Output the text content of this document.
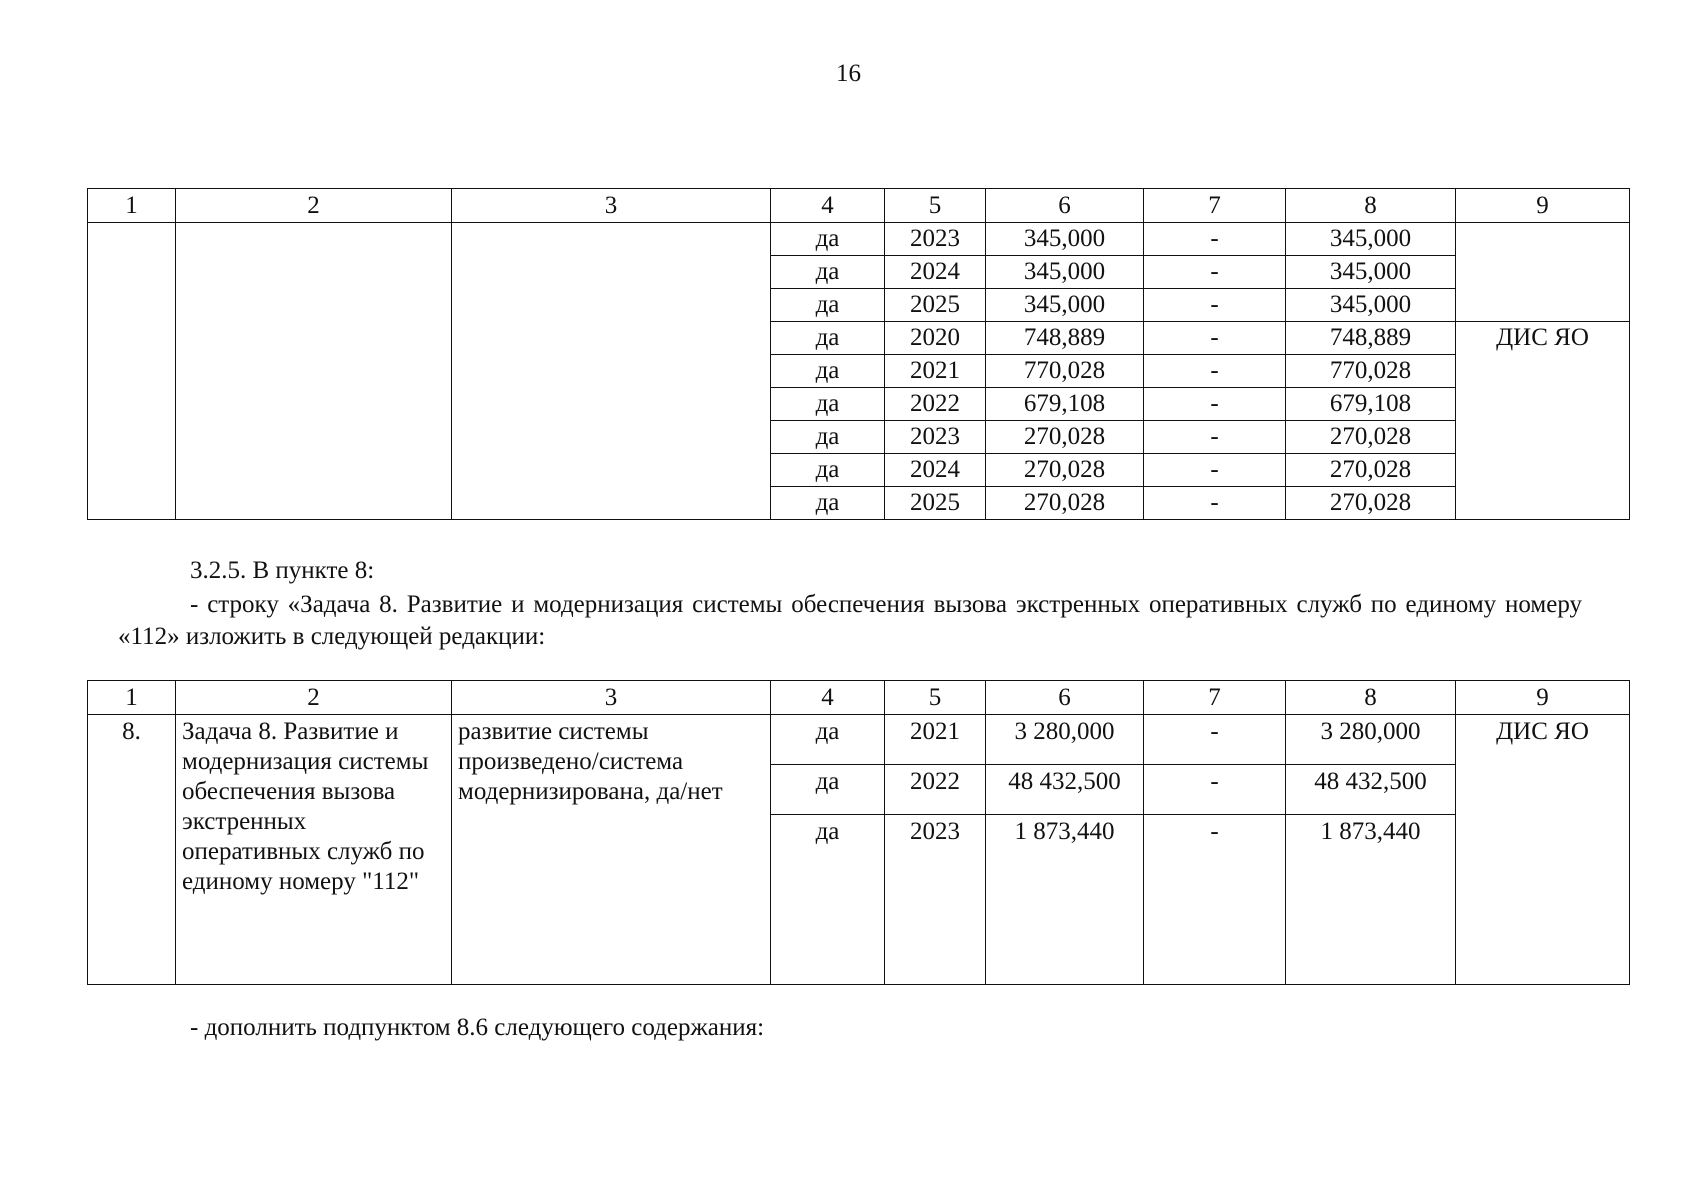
16
1	2	3	4	5	6	7	8	9
			да	2023	345,000	-	345,000	
			да	2024	345,000	-	345,000	
			да	2025	345,000	-	345,000	
			да	2020	748,889	-	748,889	ДИС ЯО
			да	2021	770,028	-	770,028	
			да	2022	679,108	-	679,108	
			да	2023	270,028	-	270,028	
			да	2024	270,028	-	270,028	
			да	2025	270,028	-	270,028	
3.2.5. В пункте 8:
- строку «Задача 8. Развитие и модернизация системы обеспечения вызова экстренных оперативных служб по единому номеру «112» изложить в следующей редакции:
1	2	3	4	5	6	7	8	9
8.	Задача 8. Развитие и модернизация системы обеспечения вызова экстренных оперативных служб по единому номеру "112"	развитие системы произведено/система модернизирована, да/нет	да	2021	3 280,000	-	3 280,000	ДИС ЯО
			да	2022	48 432,500	-	48 432,500	
			да	2023	1 873,440	-	1 873,440	
- дополнить подпунктом 8.6 следующего содержания:
